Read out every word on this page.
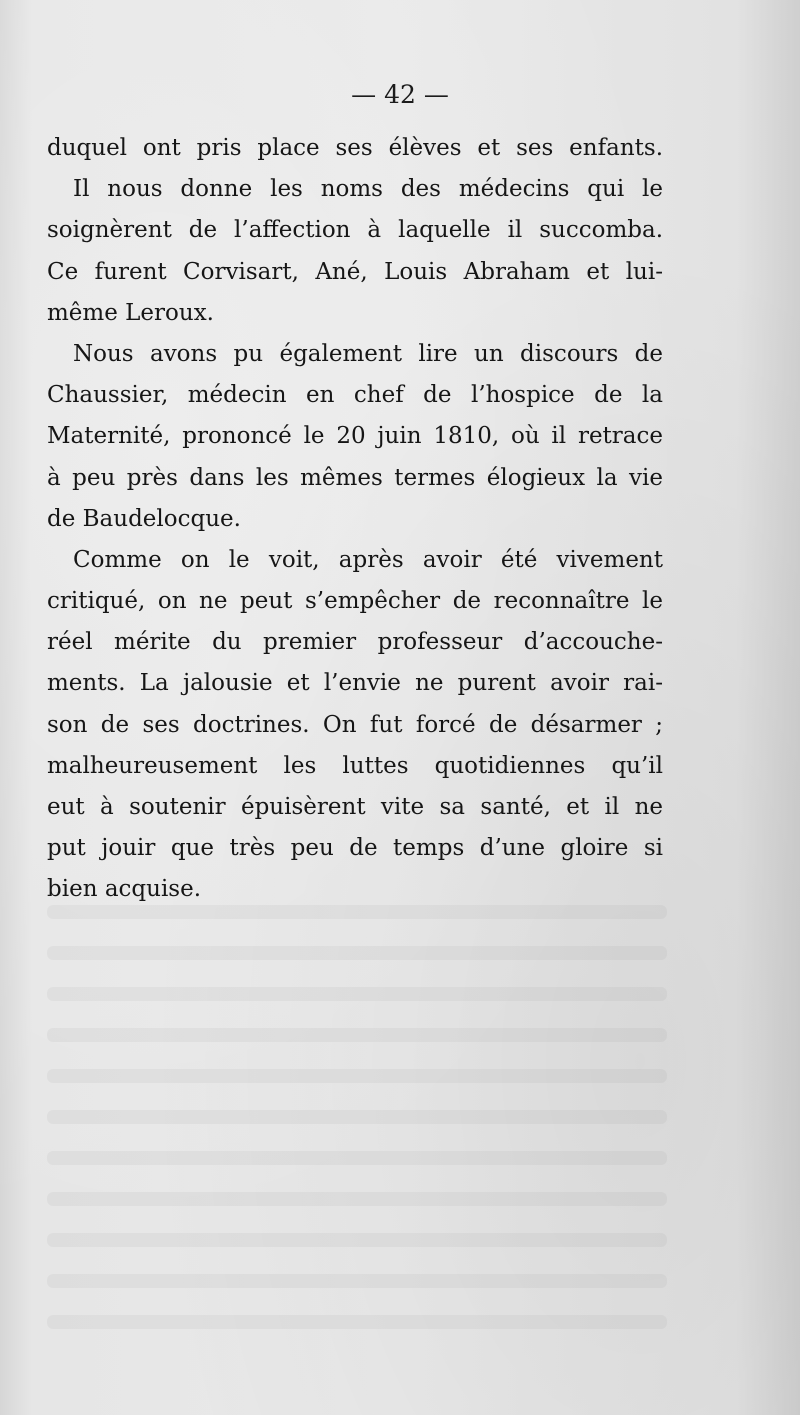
— 42 —
duquel ont pris place ses élèves et ses enfants.
Il nous donne les noms des médecins qui le
soignèrent de l’affection à laquelle il succomba.
Ce furent Corvisart, Ané, Louis Abraham et lui-
même Leroux.
Nous avons pu également lire un discours de
Chaussier, médecin en chef de l’hospice de la
Maternité, prononcé le 20 juin 1810, où il retrace
à peu près dans les mêmes termes élogieux la vie
de Baudelocque.
Comme on le voit, après avoir été vivement
critiqué, on ne peut s’empêcher de reconnaître le
réel mérite du premier professeur d’accouche-
ments. La jalousie et l’envie ne purent avoir rai-
son de ses doctrines. On fut forcé de désarmer ;
malheureusement les luttes quotidiennes qu’il
eut à soutenir épuisèrent vite sa santé, et il ne
put jouir que très peu de temps d’une gloire si
bien acquise.
